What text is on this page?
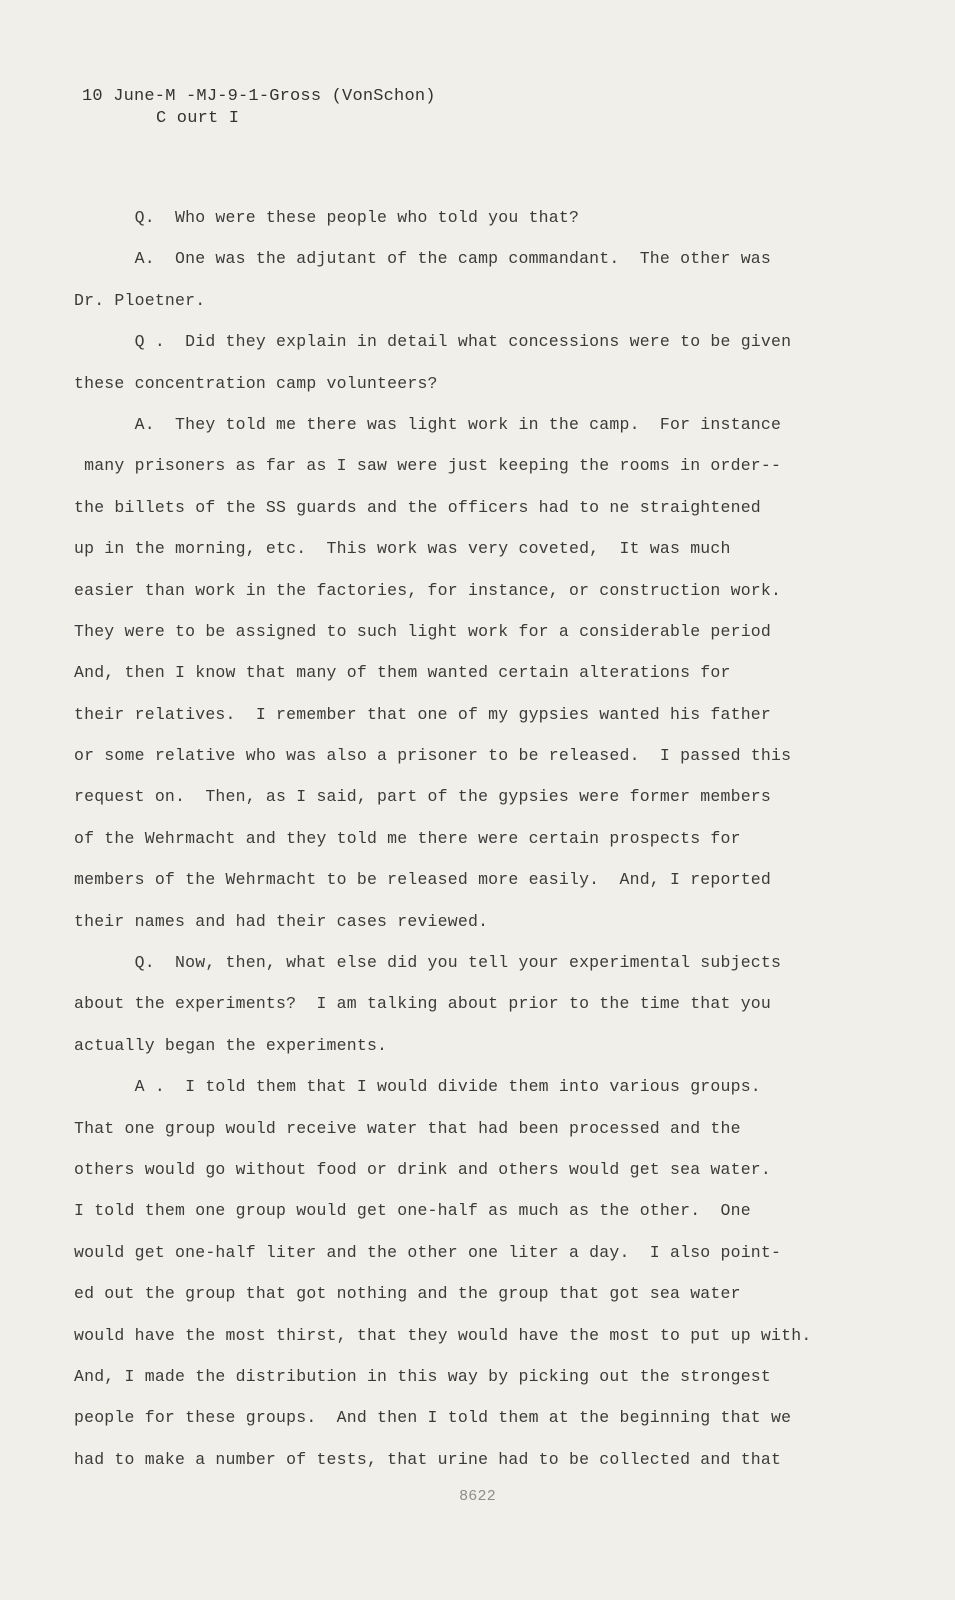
10 June-M -MJ-9-1-Gross (VonSchon)
C ourt I
Q.  Who were these people who told you that?
A.  One was the adjutant of the camp commandant.  The other was
Dr. Ploetner.
Q .  Did they explain in detail what concessions were to be given
these concentration camp volunteers?
A.  They told me there was light work in the camp.  For instance
many prisoners as far as I saw were just keeping the rooms in order--
the billets of the SS guards and the officers had to ne straightened
up in the morning, etc.  This work was very coveted,  It was much
easier than work in the factories, for instance, or construction work.
They were to be assigned to such light work for a considerable period
And, then I know that many of them wanted certain alterations for
their relatives.  I remember that one of my gypsies wanted his father
or some relative who was also a prisoner to be released.  I passed this
request on.  Then, as I said, part of the gypsies were former members
of the Wehrmacht and they told me there were certain prospects for
members of the Wehrmacht to be released more easily.  And, I reported
their names and had their cases reviewed.
Q.  Now, then, what else did you tell your experimental subjects
about the experiments?  I am talking about prior to the time that you
actually began the experiments.
A .  I told them that I would divide them into various groups.
That one group would receive water that had been processed and the
others would go without food or drink and others would get sea water.
I told them one group would get one-half as much as the other.  One
would get one-half liter and the other one liter a day.  I also point-
ed out the group that got nothing and the group that got sea water
would have the most thirst, that they would have the most to put up with.
And, I made the distribution in this way by picking out the strongest
people for these groups.  And then I told them at the beginning that we
had to make a number of tests, that urine had to be collected and that
8622
